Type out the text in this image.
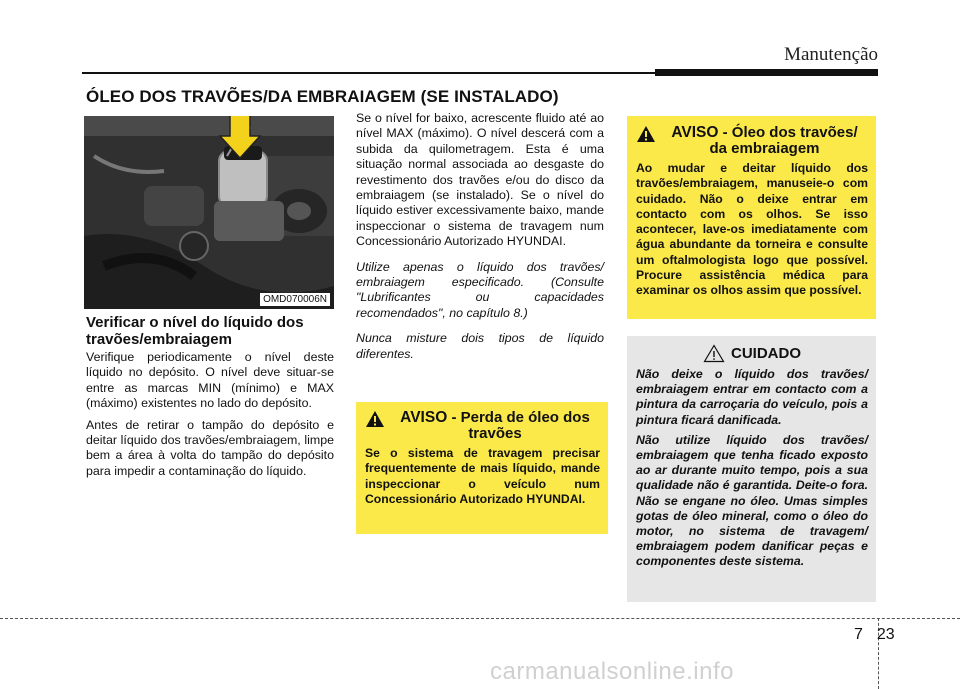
Manutenção
ÓLEO DOS TRAVÕES/DA EMBRAIAGEM (SE INSTALADO)
OMD070006N
Verificar o nível do líquido dos travões/embraiagem

Verifique periodicamente o nível deste líquido no depósito. O nível deve situar-se entre as marcas MIN (mínimo) e MAX (máximo) existentes no lado do depósito.

Antes de retirar o tampão do depósito e deitar líquido dos travões/embraiagem, limpe bem a área à volta do tampão do depósito para impedir a contaminação do líquido.

Se o nível for baixo, acrescente fluido até ao nível MAX (máximo). O nível descerá com a subida da quilometragem. Esta é uma situação normal associada ao desgaste do revestimento dos travões e/ou do disco da embraiagem (se instalado). Se o nível do líquido estiver excessivamente baixo, mande inspeccionar o sistema de travagem num Concessionário Autorizado HYUNDAI.

Utilize apenas o líquido dos travões/ embraiagem especificado. (Consulte "Lubrificantes ou capacidades recomendados", no capítulo 8.)

Nunca misture dois tipos de líquido diferentes.

AVISO - Perda de óleo dos travões
Se o sistema de travagem precisar frequentemente de mais líquido, mande inspeccionar o veículo num Concessionário Autorizado HYUNDAI.
AVISO - Óleo dos travões/ da embraiagem
Ao mudar e deitar líquido dos travões/embraiagem, manuseie-o com cuidado. Não o deixe entrar em contacto com os olhos. Se isso acontecer, lave-os imediatamente com água abundante da torneira e consulte um oftalmologista logo que possível. Procure assistência médica para examinar os olhos assim que possível.
CUIDADO

Não deixe o líquido dos travões/ embraiagem entrar em contacto com a pintura da carroçaria do veículo, pois a pintura ficará danificada.

Não utilize líquido dos travões/ embraiagem que tenha ficado exposto ao ar durante muito tempo, pois a sua qualidade não é garantida. Deite-o fora. Não se engane no óleo. Umas simples gotas de óleo mineral, como o óleo do motor, no sistema de travagem/ embraiagem podem danificar peças e componentes deste sistema.

7 23
carmanualsonline.info
